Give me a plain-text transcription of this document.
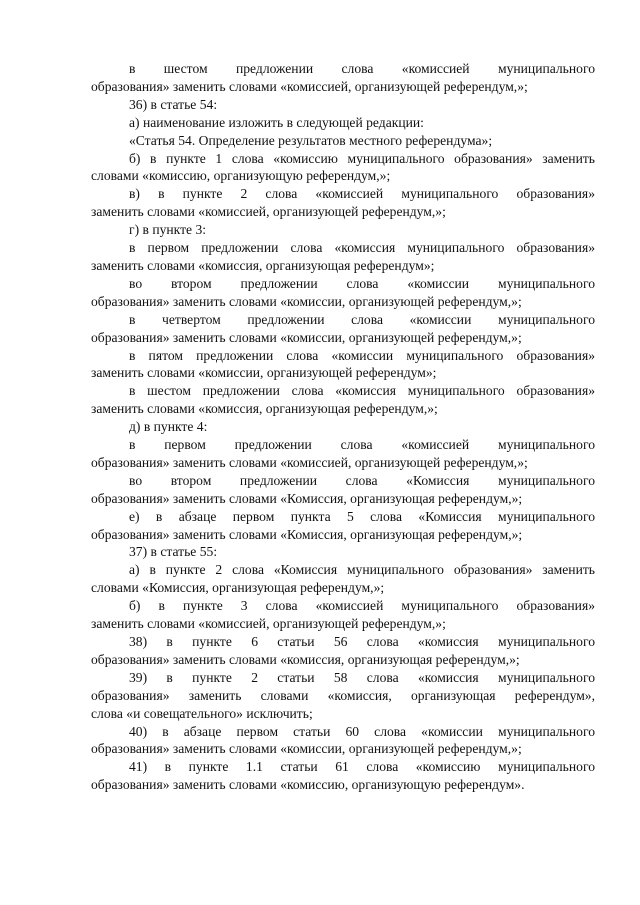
в шестом предложении слова «комиссией муниципального
образования» заменить словами «комиссией, организующей референдум,»;
36) в статье 54:
а) наименование изложить в следующей редакции:
«Статья 54. Определение результатов местного референдума»;
б) в пункте 1 слова «комиссию муниципального образования» заменить
словами «комиссию, организующую референдум,»;
в) в пункте 2 слова «комиссией муниципального образования»
заменить словами «комиссией, организующей референдум,»;
г) в пункте 3:
в первом предложении слова «комиссия муниципального образования»
заменить словами «комиссия, организующая референдум»;
во втором предложении слова «комиссии муниципального
образования» заменить словами «комиссии, организующей референдум,»;
в четвертом предложении слова «комиссии муниципального
образования» заменить словами «комиссии, организующей референдум,»;
в пятом предложении слова «комиссии муниципального образования»
заменить словами «комиссии, организующей референдум»;
в шестом предложении слова «комиссия муниципального образования»
заменить словами «комиссия, организующая референдум,»;
д) в пункте 4:
в первом предложении слова «комиссией муниципального
образования» заменить словами «комиссией, организующей референдум,»;
во втором предложении слова «Комиссия муниципального
образования» заменить словами «Комиссия, организующая референдум,»;
е) в абзаце первом пункта 5 слова «Комиссия муниципального
образования» заменить словами «Комиссия, организующая референдум,»;
37) в статье 55:
а) в пункте 2 слова «Комиссия муниципального образования» заменить
словами «Комиссия, организующая референдум,»;
б) в пункте 3 слова «комиссией муниципального образования»
заменить словами «комиссией, организующей референдум,»;
38) в пункте 6 статьи 56 слова «комиссия муниципального
образования» заменить словами «комиссия, организующая референдум,»;
39) в пункте 2 статьи 58 слова «комиссия муниципального
образования» заменить словами «комиссия, организующая референдум»,
слова «и совещательного» исключить;
40) в абзаце первом статьи 60 слова «комиссии муниципального
образования» заменить словами «комиссии, организующей референдум,»;
41) в пункте 1.1 статьи 61 слова «комиссию муниципального
образования» заменить словами «комиссию, организующую референдум».
